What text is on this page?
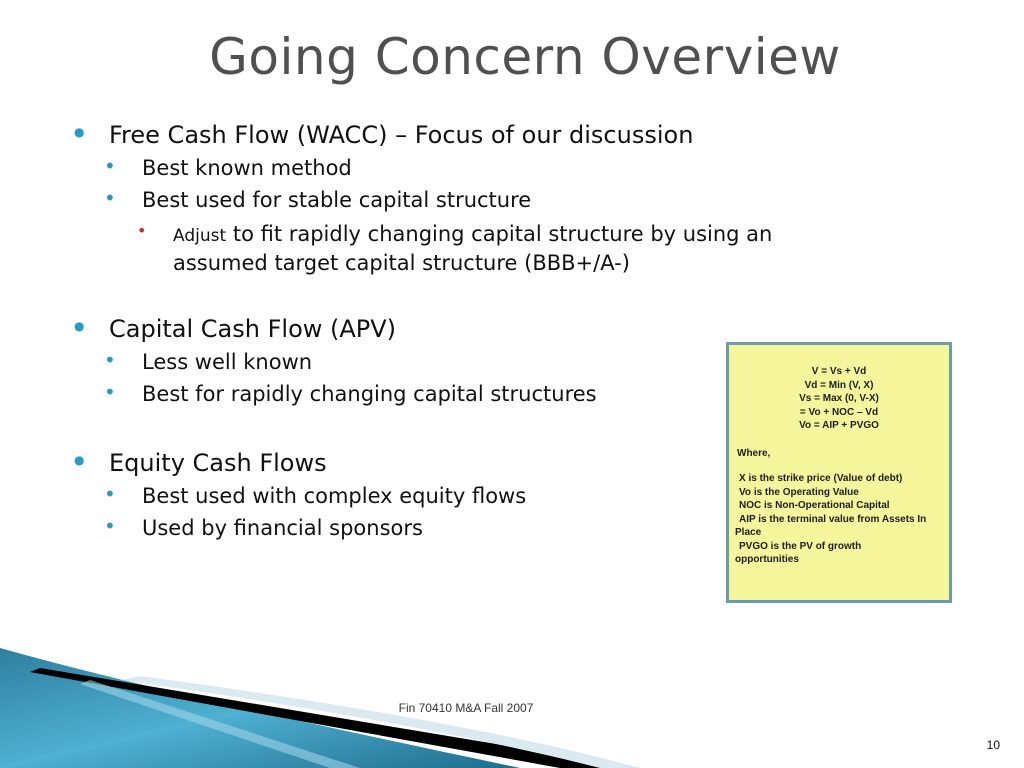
Going Concern Overview
● Free Cash Flow (WACC) – Focus of our discussion
• Best known method
• Best used for stable capital structure
• Adjust to fit rapidly changing capital structure by using an
assumed target capital structure (BBB+/A-)
● Capital Cash Flow (APV)
• Less well known
• Best for rapidly changing capital structures
● Equity Cash Flows
• Best used with complex equity flows
• Used by financial sponsors
V = Vs + Vd
Vd = Min (V, X)
Vs = Max (0, V-X)
= Vo + NOC – Vd
Vo = AIP + PVGO
Where,
X is the strike price (Value of debt)
Vo is the Operating Value
NOC is Non-Operational Capital
AIP is the terminal value from Assets In
Place
PVGO is the PV of growth
opportunities
Fin 70410 M&A Fall 2007
10
